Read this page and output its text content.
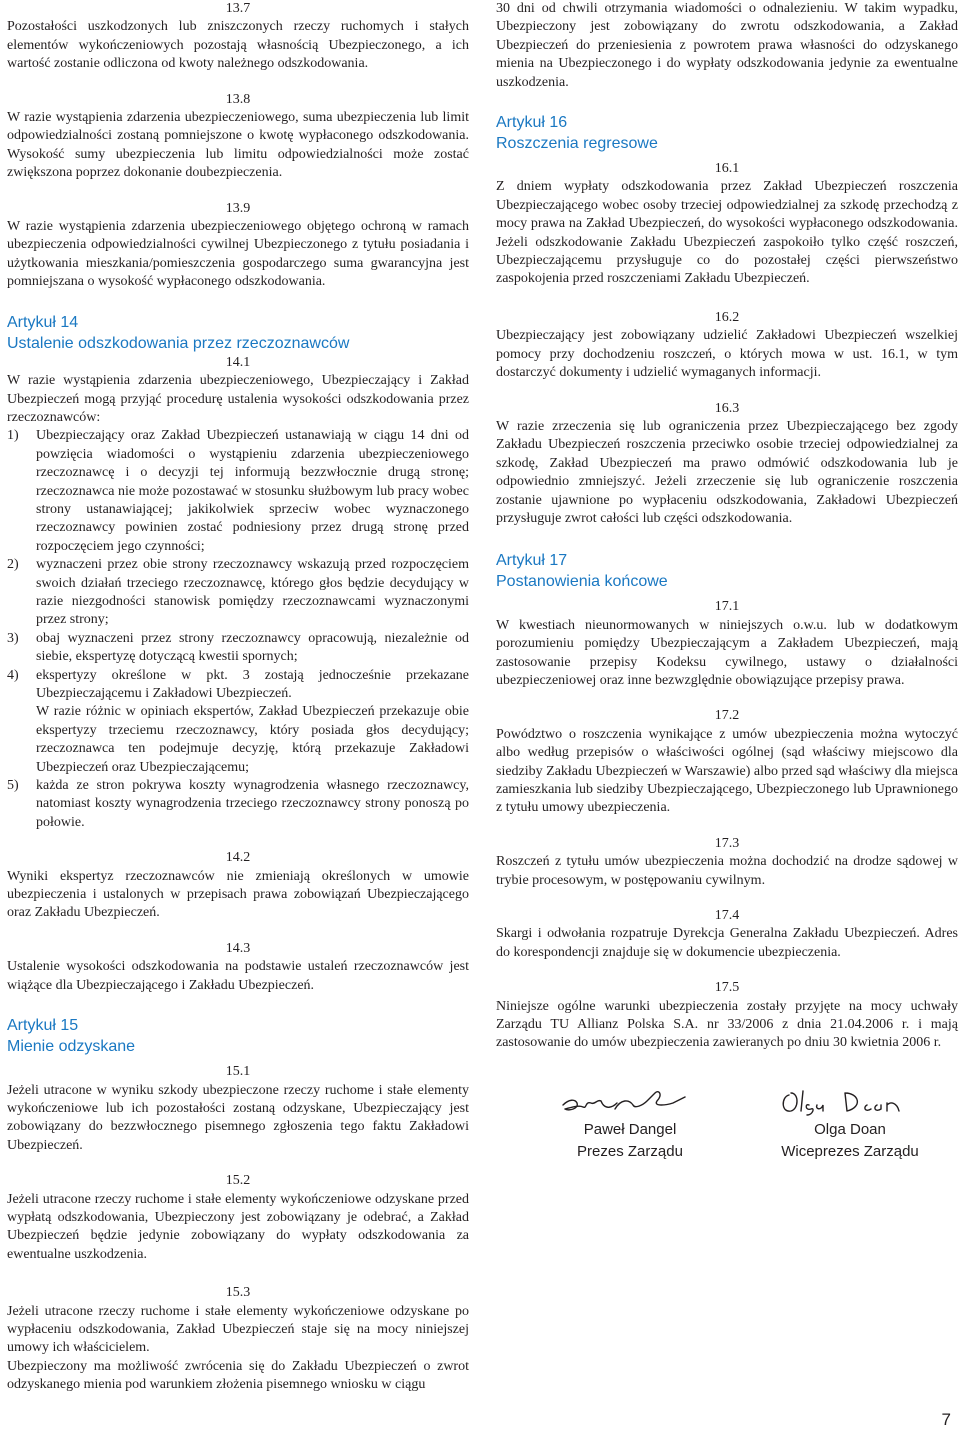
13.7

Pozostałości uszkodzonych lub zniszczonych rzeczy ruchomych i stałych elementów wykończeniowych pozostają własnością Ubezpieczonego, a ich wartość zostanie odliczona od kwoty należnego odszkodowania.

13.8

W razie wystąpienia zdarzenia ubezpieczeniowego, suma ubezpieczenia lub limit odpowiedzialności zostaną pomniejszone o kwotę wypłaconego odszkodowania. Wysokość sumy ubezpieczenia lub limitu odpowiedzialności może zostać zwiększona poprzez dokonanie doubezpieczenia.

13.9

W razie wystąpienia zdarzenia ubezpieczeniowego objętego ochroną w ramach ubezpieczenia odpowiedzialności cywilnej Ubezpieczonego z tytułu posiadania i użytkowania mieszkania/pomieszczenia gospodarczego suma gwarancyjna jest pomniejszana o wysokość wypłaconego odszkodowania.

Artykuł 14
Ustalenie odszkodowania przez rzeczoznawców
14.1

W razie wystąpienia zdarzenia ubezpieczeniowego, Ubezpieczający i Zakład Ubezpieczeń mogą przyjąć procedurę ustalenia wysokości odszkodowania przez rzeczoznawców:

1) Ubezpieczający oraz Zakład Ubezpieczeń ustanawiają w ciągu 14 dni od powzięcia wiadomości o wystąpieniu zdarzenia ubezpieczeniowego rzeczoznawcę i o decyzji tej informują bezzwłocznie drugą stronę; rzeczoznawca nie może pozostawać w stosunku służbowym lub pracy wobec strony ustanawiającej; jakikolwiek sprzeciw wobec wyznaczonego rzeczoznawcy powinien zostać podniesiony przez drugą stronę przed rozpoczęciem jego czynności;
2) wyznaczeni przez obie strony rzeczoznawcy wskazują przed rozpoczęciem swoich działań trzeciego rzeczoznawcę, którego głos będzie decydujący w razie niezgodności stanowisk pomiędzy rzeczoznawcami wyznaczonymi przez strony;
3) obaj wyznaczeni przez strony rzeczoznawcy opracowują, niezależnie od siebie, ekspertyzę dotyczącą kwestii spornych;
4) ekspertyzy określone w pkt. 3 zostają jednocześnie przekazane Ubezpieczającemu i Zakładowi Ubezpieczeń.
W razie różnic w opiniach ekspertów, Zakład Ubezpieczeń przekazuje obie ekspertyzy trzeciemu rzeczoznawcy, który posiada głos decydujący; rzeczoznawca ten podejmuje decyzję, którą przekazuje Zakładowi Ubezpieczeń oraz Ubezpieczającemu;
5) każda ze stron pokrywa koszty wynagrodzenia własnego rzeczoznawcy, natomiast koszty wynagrodzenia trzeciego rzeczoznawcy strony ponoszą po połowie.
14.2

Wyniki ekspertyz rzeczoznawców nie zmieniają określonych w umowie ubezpieczenia i ustalonych w przepisach prawa zobowiązań Ubezpieczającego oraz Zakładu Ubezpieczeń.

14.3

Ustalenie wysokości odszkodowania na podstawie ustaleń rzeczoznawców jest wiążące dla Ubezpieczającego i Zakładu Ubezpieczeń.

Artykuł 15
Mienie odzyskane
15.1

Jeżeli utracone w wyniku szkody ubezpieczone rzeczy ruchome i stałe elementy wykończeniowe lub ich pozostałości zostaną odzyskane, Ubezpieczający jest zobowiązany do bezzwłocznego pisemnego zgłoszenia tego faktu Zakładowi Ubezpieczeń.

15.2

Jeżeli utracone rzeczy ruchome i stałe elementy wykończeniowe odzyskane przed wypłatą odszkodowania, Ubezpieczony jest zobowiązany je odebrać, a Zakład Ubezpieczeń będzie jedynie zobowiązany do wypłaty odszkodowania za ewentualne uszkodzenia.

15.3

Jeżeli utracone rzeczy ruchome i stałe elementy wykończeniowe odzyskane po wypłaceniu odszkodowania, Zakład Ubezpieczeń staje się na mocy niniejszej umowy ich właścicielem.

Ubezpieczony ma możliwość zwrócenia się do Zakładu Ubezpieczeń o zwrot odzyskanego mienia pod warunkiem złożenia pisemnego wniosku w ciągu

30 dni od chwili otrzymania wiadomości o odnalezieniu. W takim wypadku, Ubezpieczony jest zobowiązany do zwrotu odszkodowania, a Zakład Ubezpieczeń do przeniesienia z powrotem prawa własności do odzyskanego mienia na Ubezpieczonego i do wypłaty odszkodowania jedynie za ewentualne uszkodzenia.

Artykuł 16
Roszczenia regresowe
16.1

Z dniem wypłaty odszkodowania przez Zakład Ubezpieczeń roszczenia Ubezpieczającego wobec osoby trzeciej odpowiedzialnej za szkodę przechodzą z mocy prawa na Zakład Ubezpieczeń, do wysokości wypłaconego odszkodowania. Jeżeli odszkodowanie Zakładu Ubezpieczeń zaspokoiło tylko część roszczeń, Ubezpieczającemu przysługuje co do pozostałej części pierwszeństwo zaspokojenia przed roszczeniami Zakładu Ubezpieczeń.

16.2

Ubezpieczający jest zobowiązany udzielić Zakładowi Ubezpieczeń wszelkiej pomocy przy dochodzeniu roszczeń, o których mowa w ust. 16.1, w tym dostarczyć dokumenty i udzielić wymaganych informacji.

16.3

W razie zrzeczenia się lub ograniczenia przez Ubezpieczającego bez zgody Zakładu Ubezpieczeń roszczenia przeciwko osobie trzeciej odpowiedzialnej za szkodę, Zakład Ubezpieczeń ma prawo odmówić odszkodowania lub je odpowiednio zmniejszyć. Jeżeli zrzeczenie się lub ograniczenie roszczenia zostanie ujawnione po wypłaceniu odszkodowania, Zakładowi Ubezpieczeń przysługuje zwrot całości lub części odszkodowania.

Artykuł 17
Postanowienia końcowe
17.1

W kwestiach nieunormowanych w niniejszych o.w.u. lub w dodatkowym porozumieniu pomiędzy Ubezpieczającym a Zakładem Ubezpieczeń, mają zastosowanie przepisy Kodeksu cywilnego, ustawy o działalności ubezpieczeniowej oraz inne bezwzględnie obowiązujące przepisy prawa.

17.2

Powództwo o roszczenia wynikające z umów ubezpieczenia można wytoczyć albo według przepisów o właściwości ogólnej (sąd właściwy miejscowo dla siedziby Zakładu Ubezpieczeń w Warszawie) albo przed sąd właściwy dla miejsca zamieszkania lub siedziby Ubezpieczającego, Ubezpieczonego lub Uprawnionego z tytułu umowy ubezpieczenia.

17.3

Roszczeń z tytułu umów ubezpieczenia można dochodzić na drodze sądowej w trybie procesowym, w postępowaniu cywilnym.

17.4

Skargi i odwołania rozpatruje Dyrekcja Generalna Zakładu Ubezpieczeń. Adres do korespondencji znajduje się w dokumencie ubezpieczenia.

17.5

Niniejsze ogólne warunki ubezpieczenia zostały przyjęte na mocy uchwały Zarządu TU Allianz Polska S.A. nr 33/2006 z dnia 21.04.2006 r. i mają zastosowanie do umów ubezpieczenia zawieranych po dniu 30 kwietnia 2006 r.

Paweł Dangel
Prezes Zarządu
Olga Doan
Wiceprezes Zarządu
7
